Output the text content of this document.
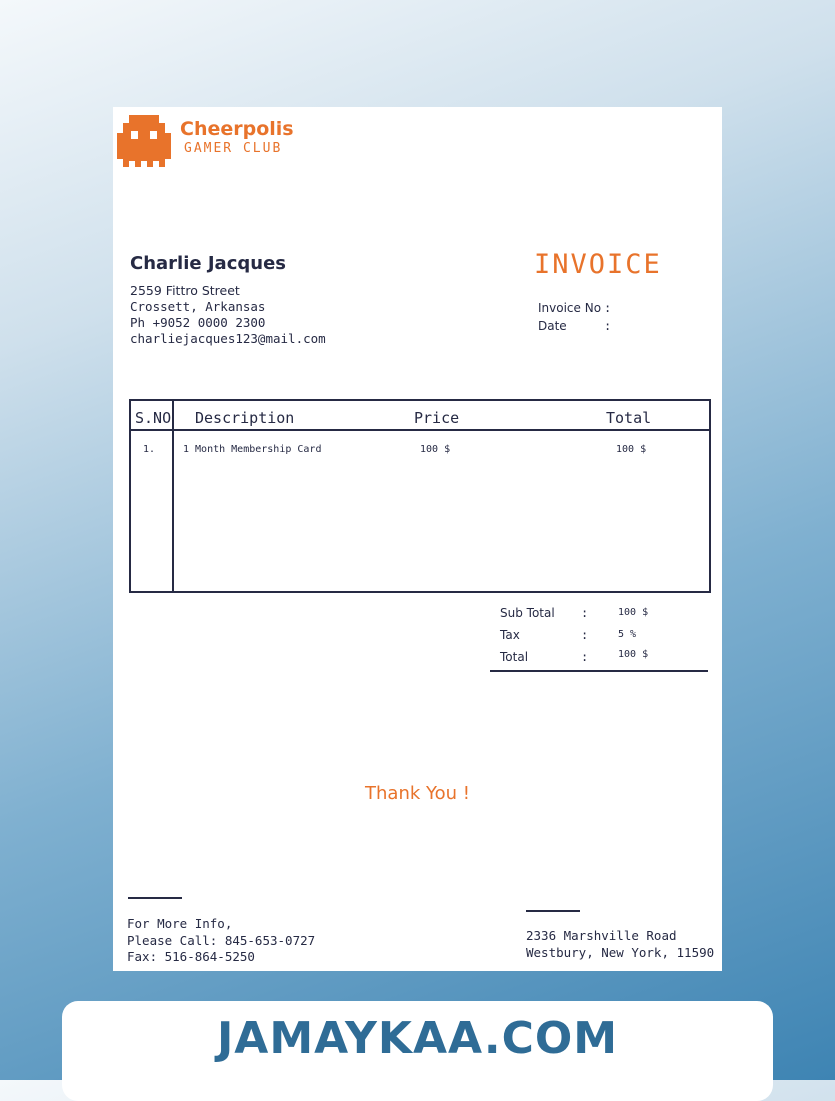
Cheerpolis
GAMER CLUB
Charlie Jacques
2559 Fittro Street
Crossett, Arkansas
Ph +9052 0000 2300
charliejacques123@mail.com
INVOICE
Invoice No :
Date	:
S.NO Description	Price	Total
1.	1 Month Membership Card	100 $	100 $
Sub Total :	100 $
Tax	:	5 %
Total	:	100 $
Thank You !
For More Info,
Please Call: 845-653-0727
Fax: 516-864-5250
2336 Marshville Road
Westbury, New York, 11590
JAMAYKAA.COM
